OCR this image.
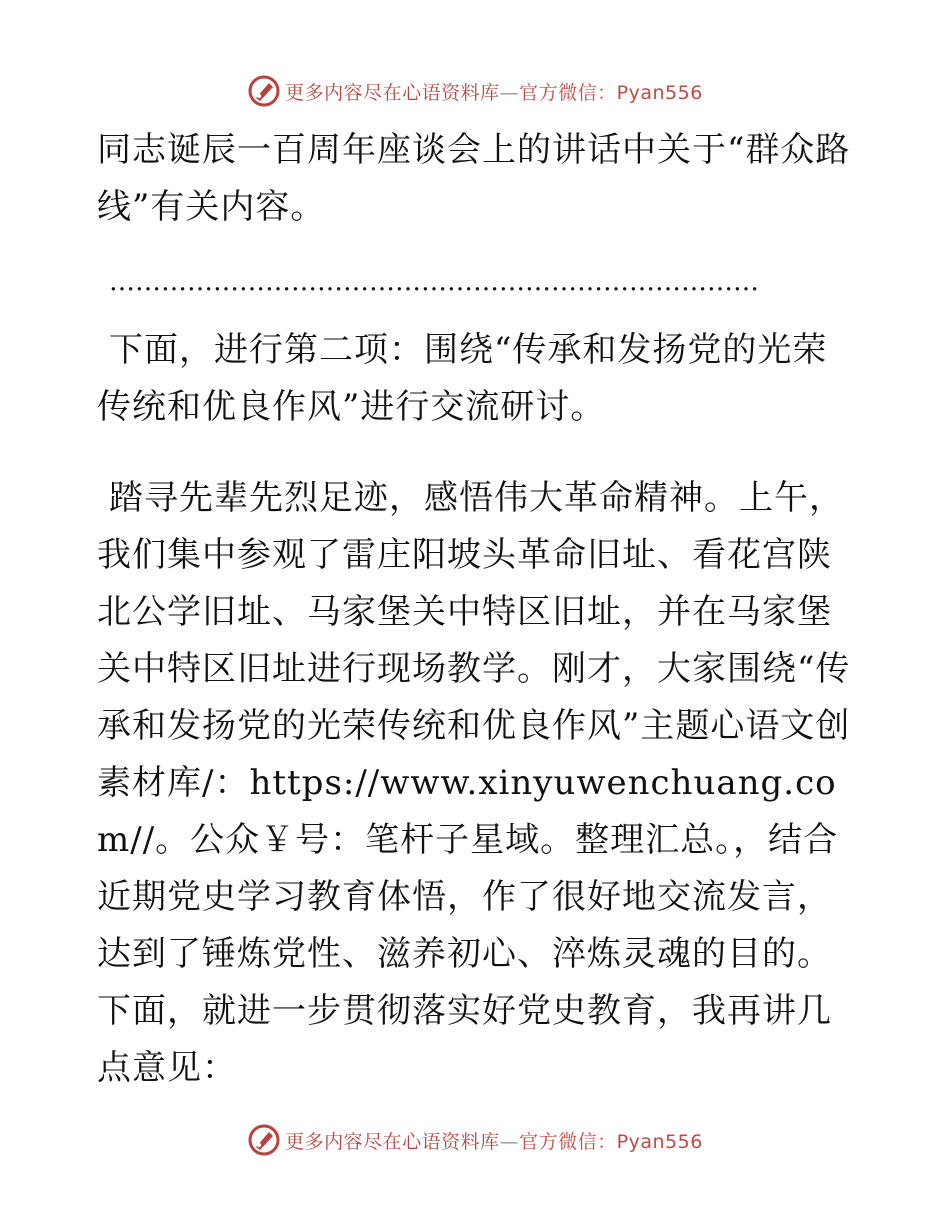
更多内容尽在心语资料库—官方微信：Pyan556

同志诞辰一百周年座谈会上的讲话中关于“群众路线”有关内容。

…………………………………………………………………

下面，进行第二项：围绕“传承和发扬党的光荣传统和优良作风”进行交流研讨。

踏寻先辈先烈足迹，感悟伟大革命精神。上午，我们集中参观了雷庄阳坡头革命旧址、看花宫陕北公学旧址、马家堡关中特区旧址，并在马家堡关中特区旧址进行现场教学。刚才，大家围绕“传承和发扬党的光荣传统和优良作风”主题心语文创素材库/：https://www.xinyuwenchuang.com//。公众￥号：笔杆子星域。整理汇总。，结合近期党史学习教育体悟，作了很好地交流发言，达到了锤炼党性、滋养初心、淬炼灵魂的目的。下面，就进一步贯彻落实好党史教育，我再讲几点意见：

更多内容尽在心语资料库—官方微信：Pyan556
